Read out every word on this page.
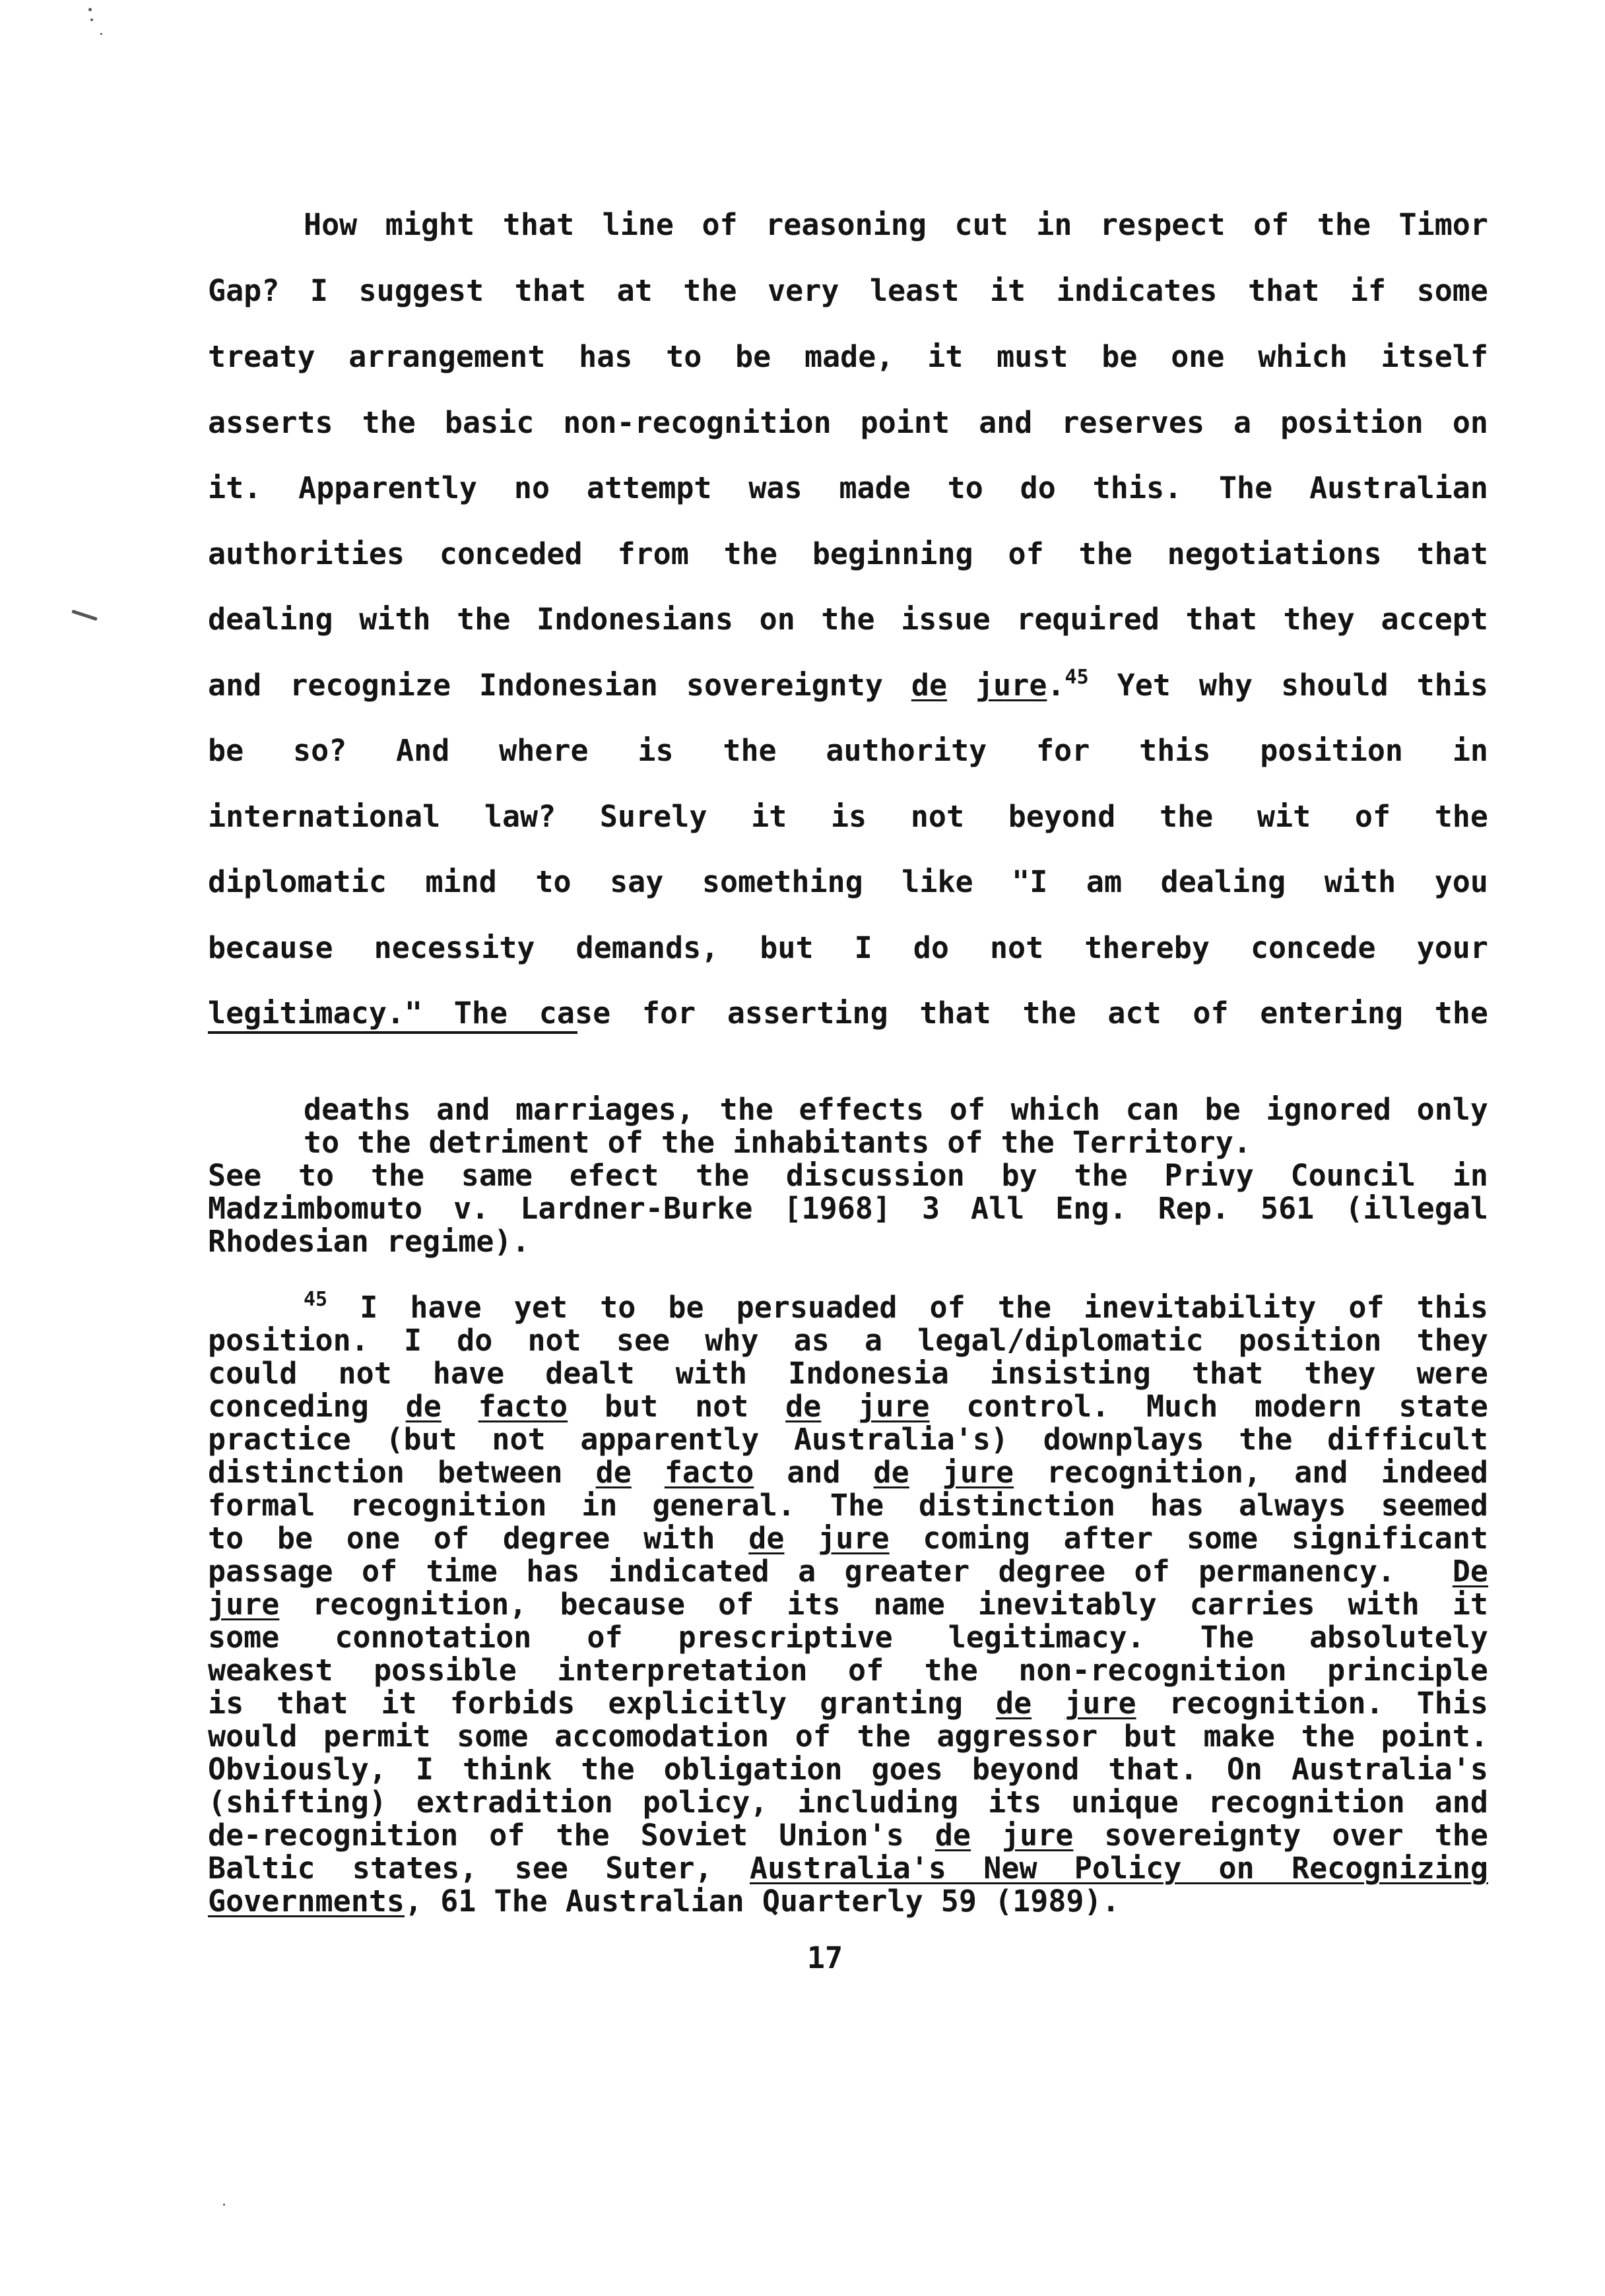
How might that line of reasoning cut in respect of the Timor
Gap? I suggest that at the very least it indicates that if some
treaty arrangement has to be made, it must be one which itself
asserts the basic non-recognition point and reserves a position on
it. Apparently no attempt was made to do this. The Australian
authorities conceded from the beginning of the negotiations that
dealing with the Indonesians on the issue required that they accept
and recognize Indonesian sovereignty de jure.$^{45}$ Yet why should this
be so? And where is the authority for this position in
international law? Surely it is not beyond the wit of the
diplomatic mind to say something like "I am dealing with you
because necessity demands, but I do not thereby concede your
legitimacy." The case for asserting that the act of entering the
deaths and marriages, the effects of which can be ignored only
to the detriment of the inhabitants of the Territory.
See to the same efect the discussion by the Privy Council in
Madzimbomuto v. Lardner-Burke [1968] 3 All Eng. Rep. 561 (illegal
Rhodesian regime).
$^{45}$ I have yet to be persuaded of the inevitability of this
position. I do not see why as a legal/diplomatic position they
could not have dealt with Indonesia insisting that they were
conceding de facto but not de jure control. Much modern state
practice (but not apparently Australia's) downplays the difficult
distinction between de facto and de jure recognition, and indeed
formal recognition in general. The distinction has always seemed
to be one of degree with de jure coming after some significant
passage of time has indicated a greater degree of permanency.  De
jure recognition, because of its name inevitably carries with it
some connotation of prescriptive legitimacy. The absolutely
weakest possible interpretation of the non-recognition principle
is that it forbids explicitly granting de jure recognition. This
would permit some accomodation of the aggressor but make the point.
Obviously, I think the obligation goes beyond that. On Australia's
(shifting) extradition policy, including its unique recognition and
de-recognition of the Soviet Union's de jure sovereignty over the
Baltic states, see Suter, Australia's New Policy on Recognizing
Governments, 61 The Australian Quarterly 59 (1989).
17
